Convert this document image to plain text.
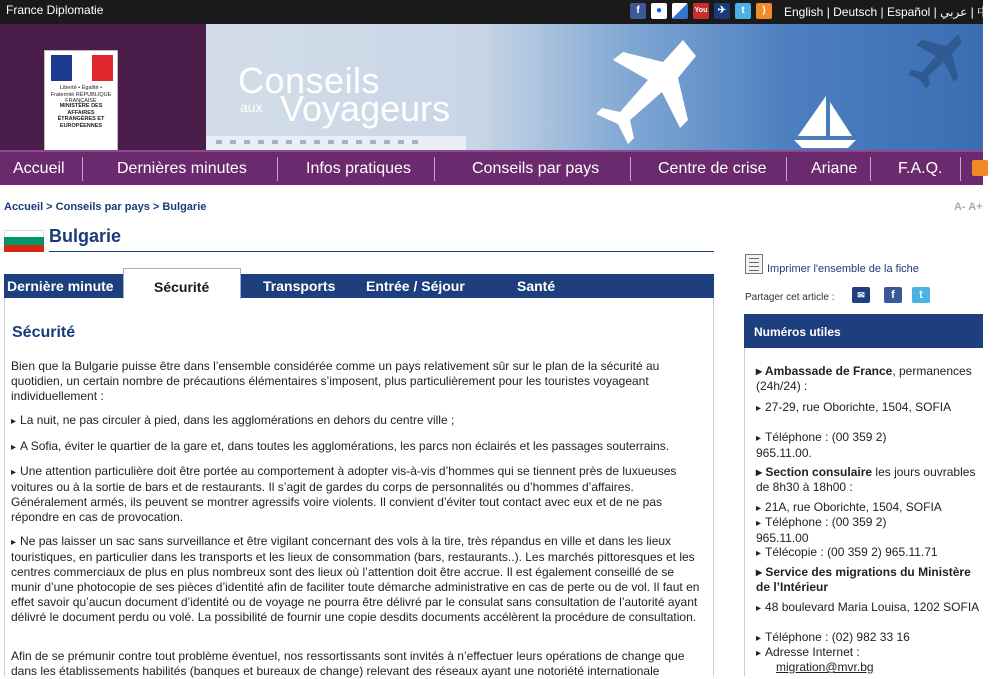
France Diplomatie	f	●	You	✈	t	)	English | Deutsch | Español | عربي | 中文

Liberté • Égalité • Fraternité RÉPUBLIQUE FRANÇAISE

MINISTÈRE DES AFFAIRES ÉTRANGÈRES ET EUROPÉENNES

Conseils
aux Voyageurs
Accueil	Dernières minutes	Infos pratiques	Conseils par pays	Centre de crise	Ariane	F.A.Q.
Accueil > Conseils par pays > Bulgarie	A- A+
Bulgarie
Dernière minute	Transports Entrée / Séjour	Santé
Sécurité
Sécurité

Bien que la Bulgarie puisse être dans l’ensemble considérée comme un pays relativement sûr sur le plan de la sécurité au quotidien, un certain nombre de précautions élémentaires s’imposent, plus particulièrement pour les touristes voyageant individuellement :

▸ La nuit, ne pas circuler à pied, dans les agglomérations en dehors du centre ville ;

▸ A Sofia, éviter le quartier de la gare et, dans toutes les agglomérations, les parcs non éclairés et les passages souterrains.

▸ Une attention particulière doit être portée au comportement à adopter vis-à-vis d’hommes qui se tiennent près de luxueuses voitures ou à la sortie de bars et de restaurants. Il s’agit de gardes du corps de personnalités ou d’hommes d’affaires. Généralement armés, ils peuvent se montrer agressifs voire violents. Il convient d’éviter tout contact avec eux et de ne pas répondre en cas de provocation.

▸ Ne pas laisser un sac sans surveillance et être vigilant concernant des vols à la tire, très répandus en ville et dans les lieux touristiques, en particulier dans les transports et les lieux de consommation (bars, restaurants..). Les marchés pittoresques et les centres commerciaux de plus en plus nombreux sont des lieux où l’attention doit être accrue. Il est également conseillé de se munir d’une photocopie de ses pièces d’identité afin de faciliter toute démarche administrative en cas de perte ou de vol. Il faut en effet savoir qu’aucun document d’identité ou de voyage ne pourra être délivré par le consulat sans consultation de l’autorité ayant délivré le document perdu ou volé. La possibilité de fournir une copie desdits documents accélèrent la procédure de consultation.

Afin de se prémunir contre tout problème éventuel, nos ressortissants sont invités à n’effectuer leurs opérations de change que dans les établissements habilités (banques et bureaux de change) relevant des réseaux ayant une notoriété internationale

Imprimer l'ensemble de la fiche
Partager cet article :	✉	f	t
Numéros utiles

▸ Ambassade de France, permanences (24h/24) :

▸ 27-29, rue Oborichte, 1504, SOFIA

▸ Téléphone : (00 359 2) 965.11.00.

▸ Section consulaire les jours ouvrables de 8h30 à 18h00 :

▸ 21A, rue Oborichte, 1504, SOFIA

▸ Téléphone : (00 359 2) 965.11.00

▸ Télécopie : (00 359 2) 965.11.71

▸ Service des migrations du Ministère de l’Intérieur

▸ 48 boulevard Maria Louisa, 1202 SOFIA

▸ Téléphone : (02) 982 33 16

▸ Adresse Internet :

migration@mvr.bg
